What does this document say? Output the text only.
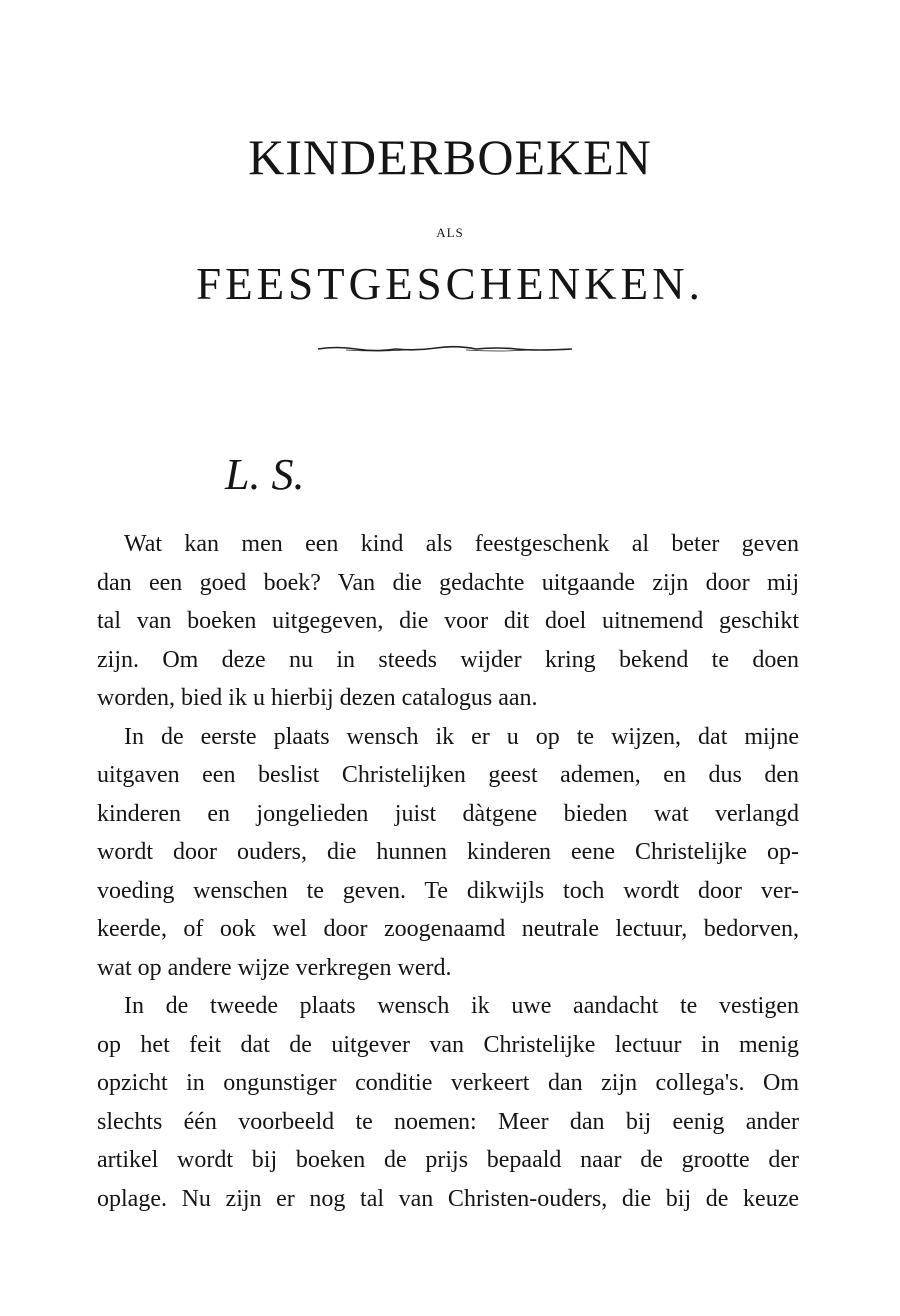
KINDERBOEKEN
ALS
FEESTGESCHENKEN.
L. S.

Wat kan men een kind als feestgeschenk al beter geven
dan een goed boek? Van die gedachte uitgaande zijn door mij
tal van boeken uitgegeven, die voor dit doel uitnemend geschikt
zijn. Om deze nu in steeds wijder kring bekend te doen
worden, bied ik u hierbij dezen catalogus aan.

In de eerste plaats wensch ik er u op te wijzen, dat mijne
uitgaven een beslist Christelijken geest ademen, en dus den
kinderen en jongelieden juist dàtgene bieden wat verlangd
wordt door ouders, die hunnen kinderen eene Christelijke op-
voeding wenschen te geven. Te dikwijls toch wordt door ver-
keerde, of ook wel door zoogenaamd neutrale lectuur, bedorven,
wat op andere wijze verkregen werd.

In de tweede plaats wensch ik uwe aandacht te vestigen
op het feit dat de uitgever van Christelijke lectuur in menig
opzicht in ongunstiger conditie verkeert dan zijn collega's. Om
slechts één voorbeeld te noemen: Meer dan bij eenig ander
artikel wordt bij boeken de prijs bepaald naar de grootte der
oplage. Nu zijn er nog tal van Christen-ouders, die bij de keuze
